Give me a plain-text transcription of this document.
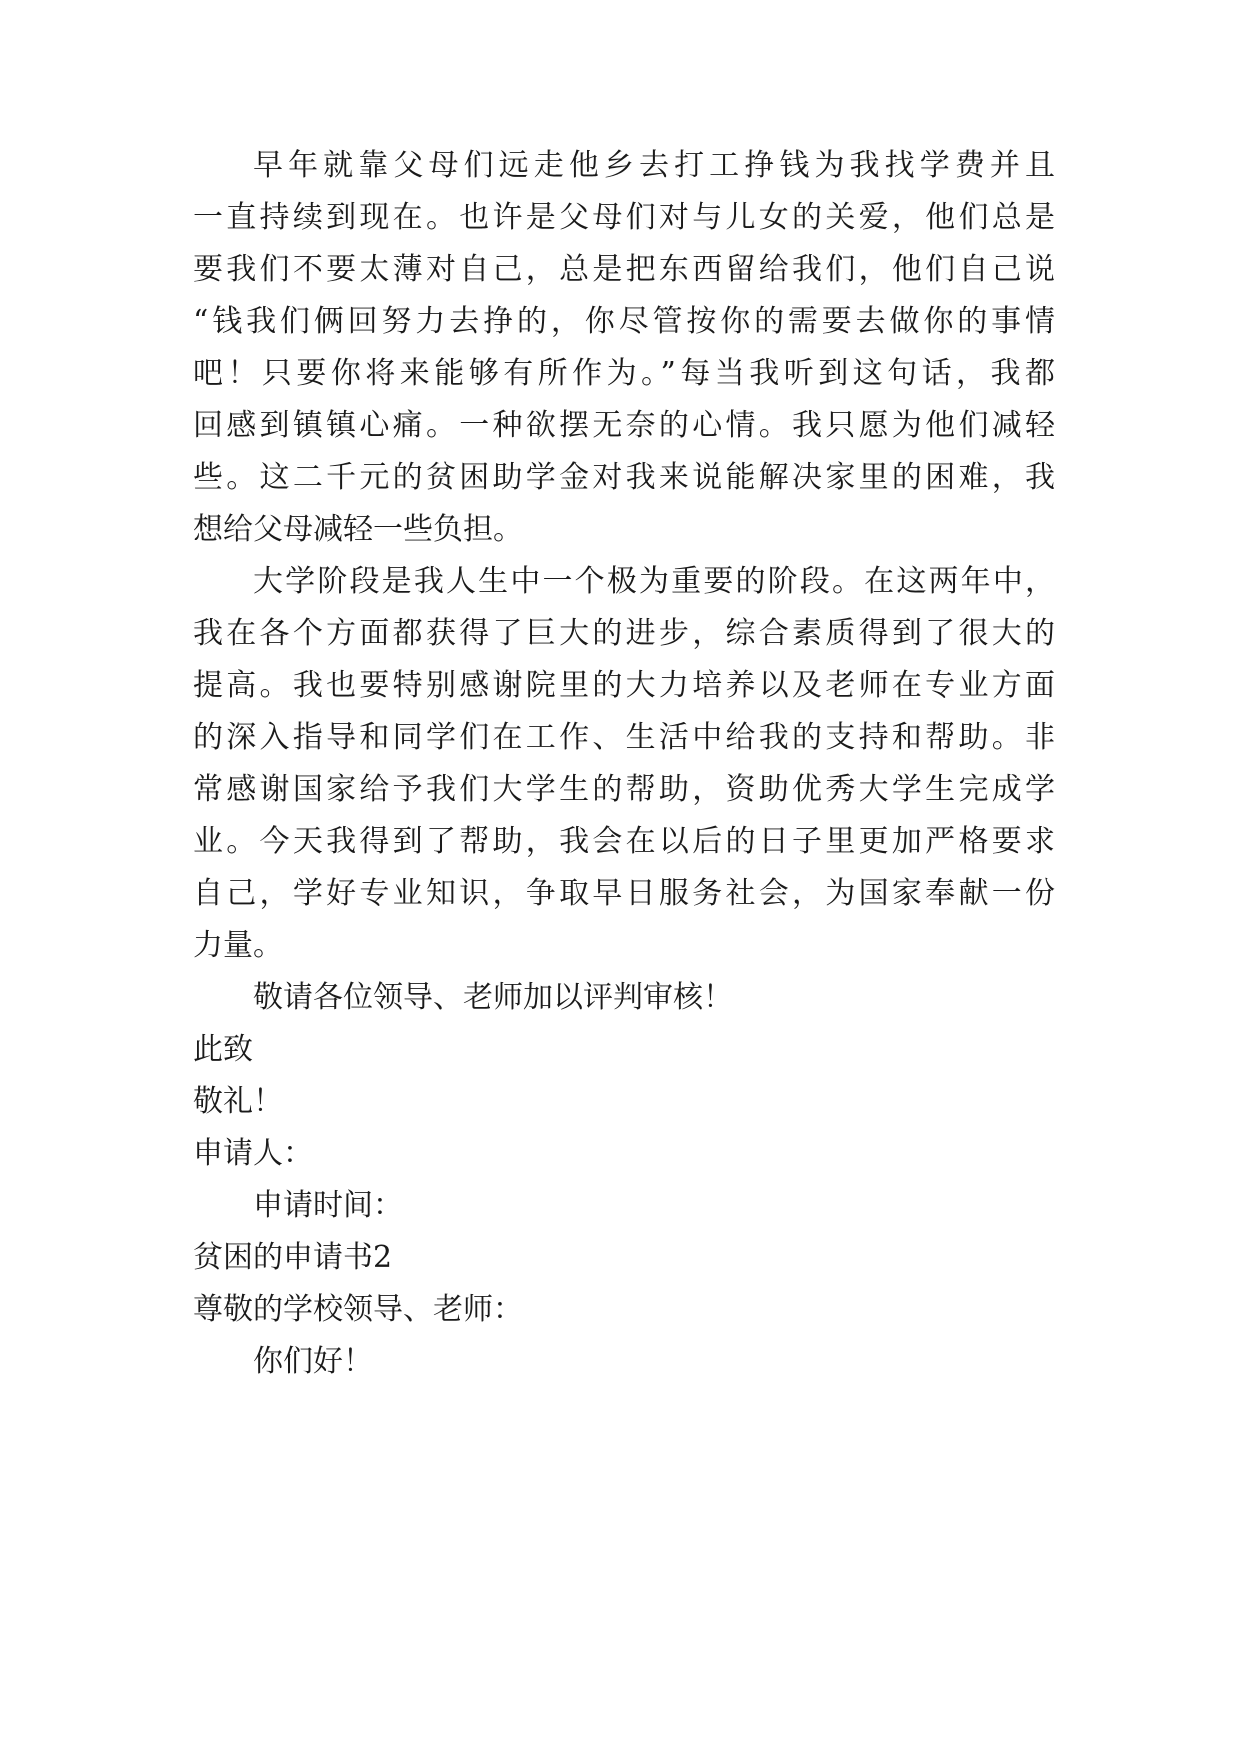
早年就靠父母们远走他乡去打工挣钱为我找学费并且
一直持续到现在。也许是父母们对与儿女的关爱，他们总是
要我们不要太薄对自己，总是把东西留给我们，他们自己说
“钱我们俩回努力去挣的，你尽管按你的需要去做你的事情
吧！只要你将来能够有所作为。”每当我听到这句话，我都
回感到镇镇心痛。一种欲摆无奈的心情。我只愿为他们减轻
些。这二千元的贫困助学金对我来说能解决家里的困难，我
想给父母减轻一些负担。
大学阶段是我人生中一个极为重要的阶段。在这两年中，
我在各个方面都获得了巨大的进步，综合素质得到了很大的
提高。我也要特别感谢院里的大力培养以及老师在专业方面
的深入指导和同学们在工作、生活中给我的支持和帮助。非
常感谢国家给予我们大学生的帮助，资助优秀大学生完成学
业。今天我得到了帮助，我会在以后的日子里更加严格要求
自己，学好专业知识，争取早日服务社会，为国家奉献一份
力量。
敬请各位领导、老师加以评判审核！
此致
敬礼！
申请人：
申请时间：
贫困的申请书2
尊敬的学校领导、老师：
你们好！
